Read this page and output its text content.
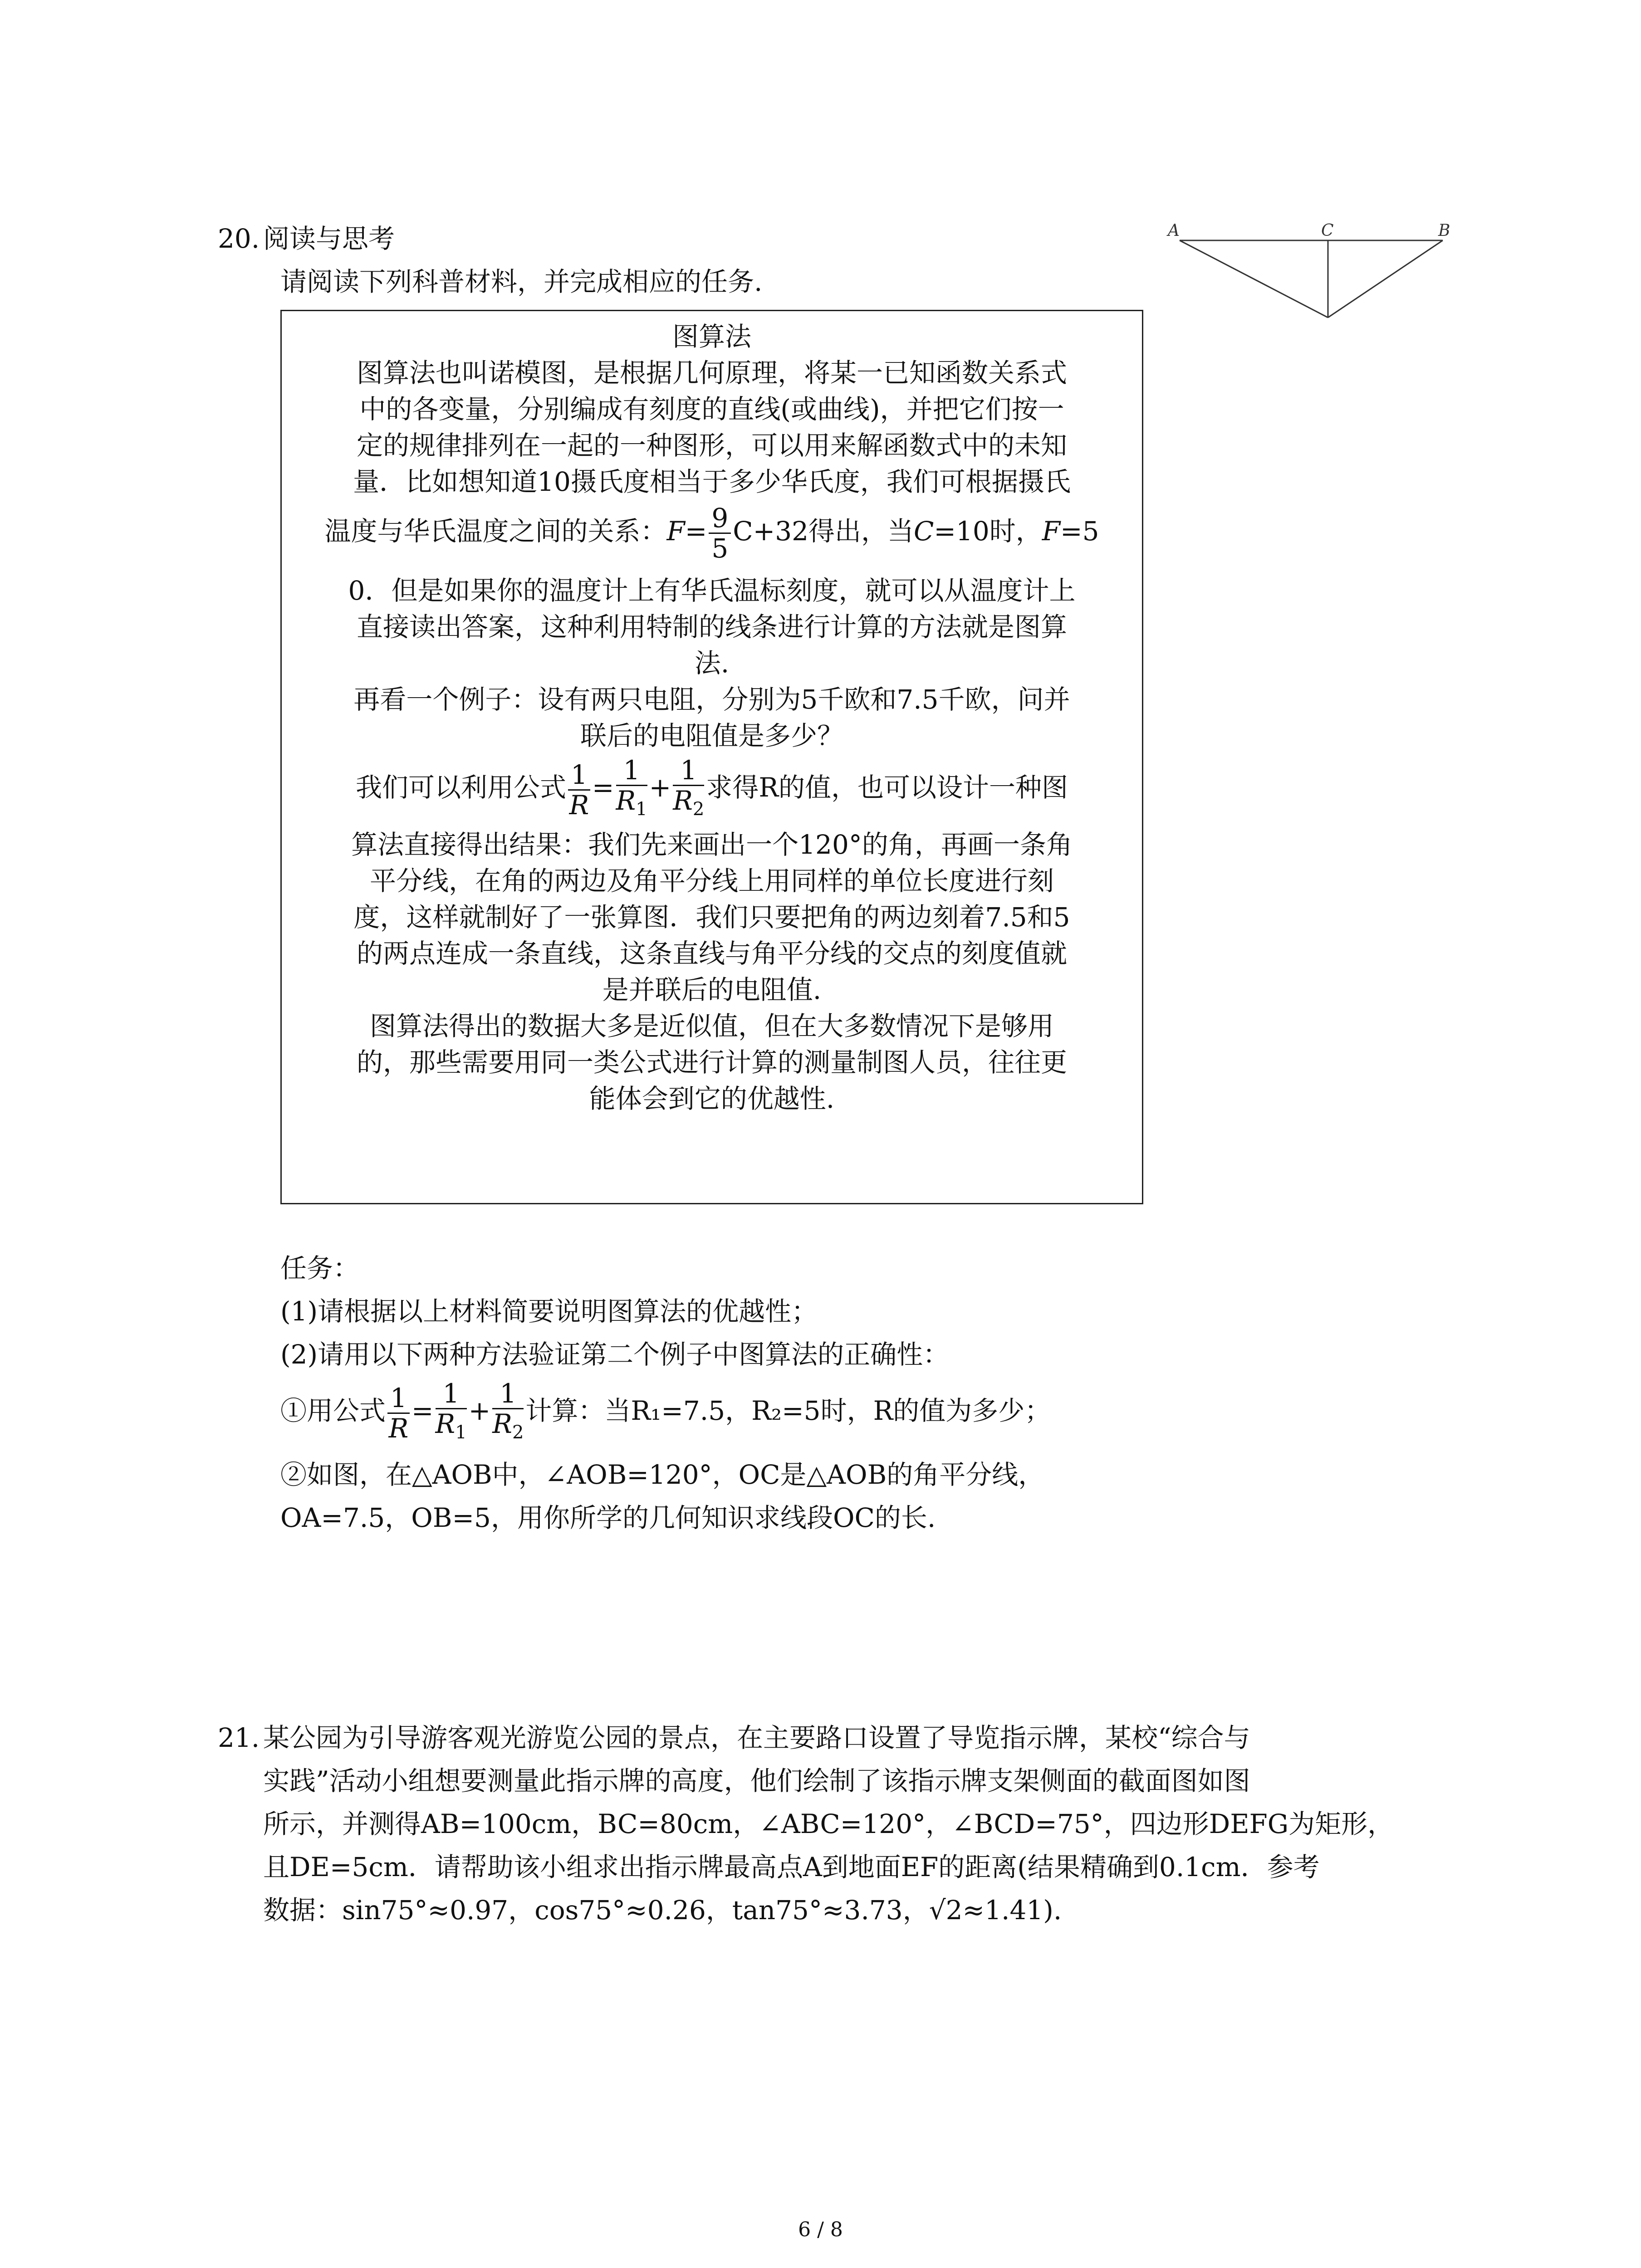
20. 阅读与思考
请阅读下列科普材料，并完成相应的任务.
A	C	B
图算法
图算法也叫诺模图，是根据几何原理，将某一已知函数关系式
中的各变量，分别编成有刻度的直线(或曲线)，并把它们按一
定的规律排列在一起的一种图形，可以用来解函数式中的未知
量．比如想知道10摄氏度相当于多少华氏度，我们可根据摄氏
温度与华氏温度之间的关系：$F= \frac{9}{5} C+32$得出，当C=10时，F=5
0．但是如果你的温度计上有华氏温标刻度，就可以从温度计上
直接读出答案，这种利用特制的线条进行计算的方法就是图算
法.
再看一个例子：设有两只电阻，分别为5千欧和7.5千欧，问并
联后的电阻值是多少？
我们可以利用公式 $\frac{1}{R} = \frac{1}{R_1} + \frac{1}{R_2}$ 求得R的值，也可以设计一种图
算法直接得出结果：我们先来画出一个120°的角，再画一条角
平分线，在角的两边及角平分线上用同样的单位长度进行刻
度，这样就制好了一张算图．我们只要把角的两边刻着7.5和5
的两点连成一条直线，这条直线与角平分线的交点的刻度值就
是并联后的电阻值.
图算法得出的数据大多是近似值，但在大多数情况下是够用
的，那些需要用同一类公式进行计算的测量制图人员，往往更
能体会到它的优越性.
任务：
(1)请根据以上材料简要说明图算法的优越性；
(2)请用以下两种方法验证第二个例子中图算法的正确性：
①用公式 $\frac{1}{R} = \frac{1}{R_1} + \frac{1}{R_2}$ 计算：当R₁=7.5，R₂=5时，R的值为多少；
②如图，在△AOB中，∠AOB=120°，OC是△AOB的角平分线，
OA=7.5，OB=5，用你所学的几何知识求线段OC的长.
21. 某公园为引导游客观光游览公园的景点，在主要路口设置了导览指示牌，某校“综合与
实践”活动小组想要测量此指示牌的高度，他们绘制了该指示牌支架侧面的截面图如图
所示，并测得AB=100cm，BC=80cm，∠ABC=120°，∠BCD=75°，四边形DEFG为矩形，
且DE=5cm．请帮助该小组求出指示牌最高点A到地面EF的距离(结果精确到0.1cm．参考
数据：sin75°≈0.97，cos75°≈0.26，tan75°≈3.73，√2≈1.41).
6 / 8
